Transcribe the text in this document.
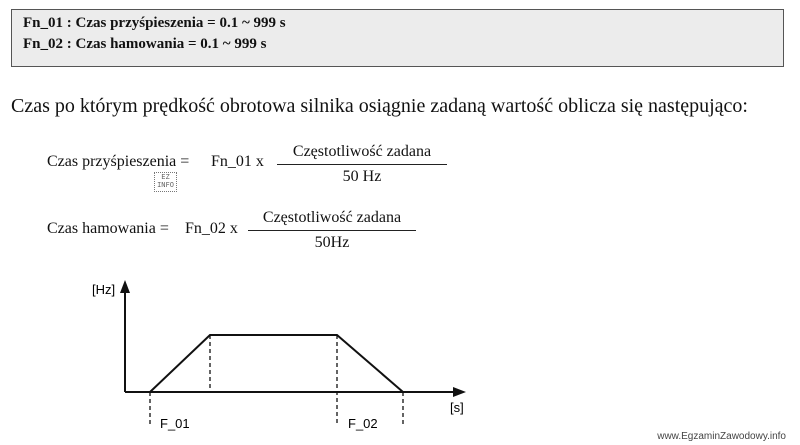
Fn_01 : Czas przyśpieszenia = 0.1 ~ 999 s
Fn_02 : Czas hamowania = 0.1 ~ 999 s
Czas po którym prędkość obrotowa silnika osiągnie zadaną wartość oblicza się następująco:
Czas przyśpieszenia = Fn_01 x
Częstotliwość zadana
50 Hz
EZ
INFO
Czas hamowania = Fn_02 x
Częstotliwość zadana
50Hz
[Hz]
[s]
F_01	F_02
www.EgzaminZawodowy.info
